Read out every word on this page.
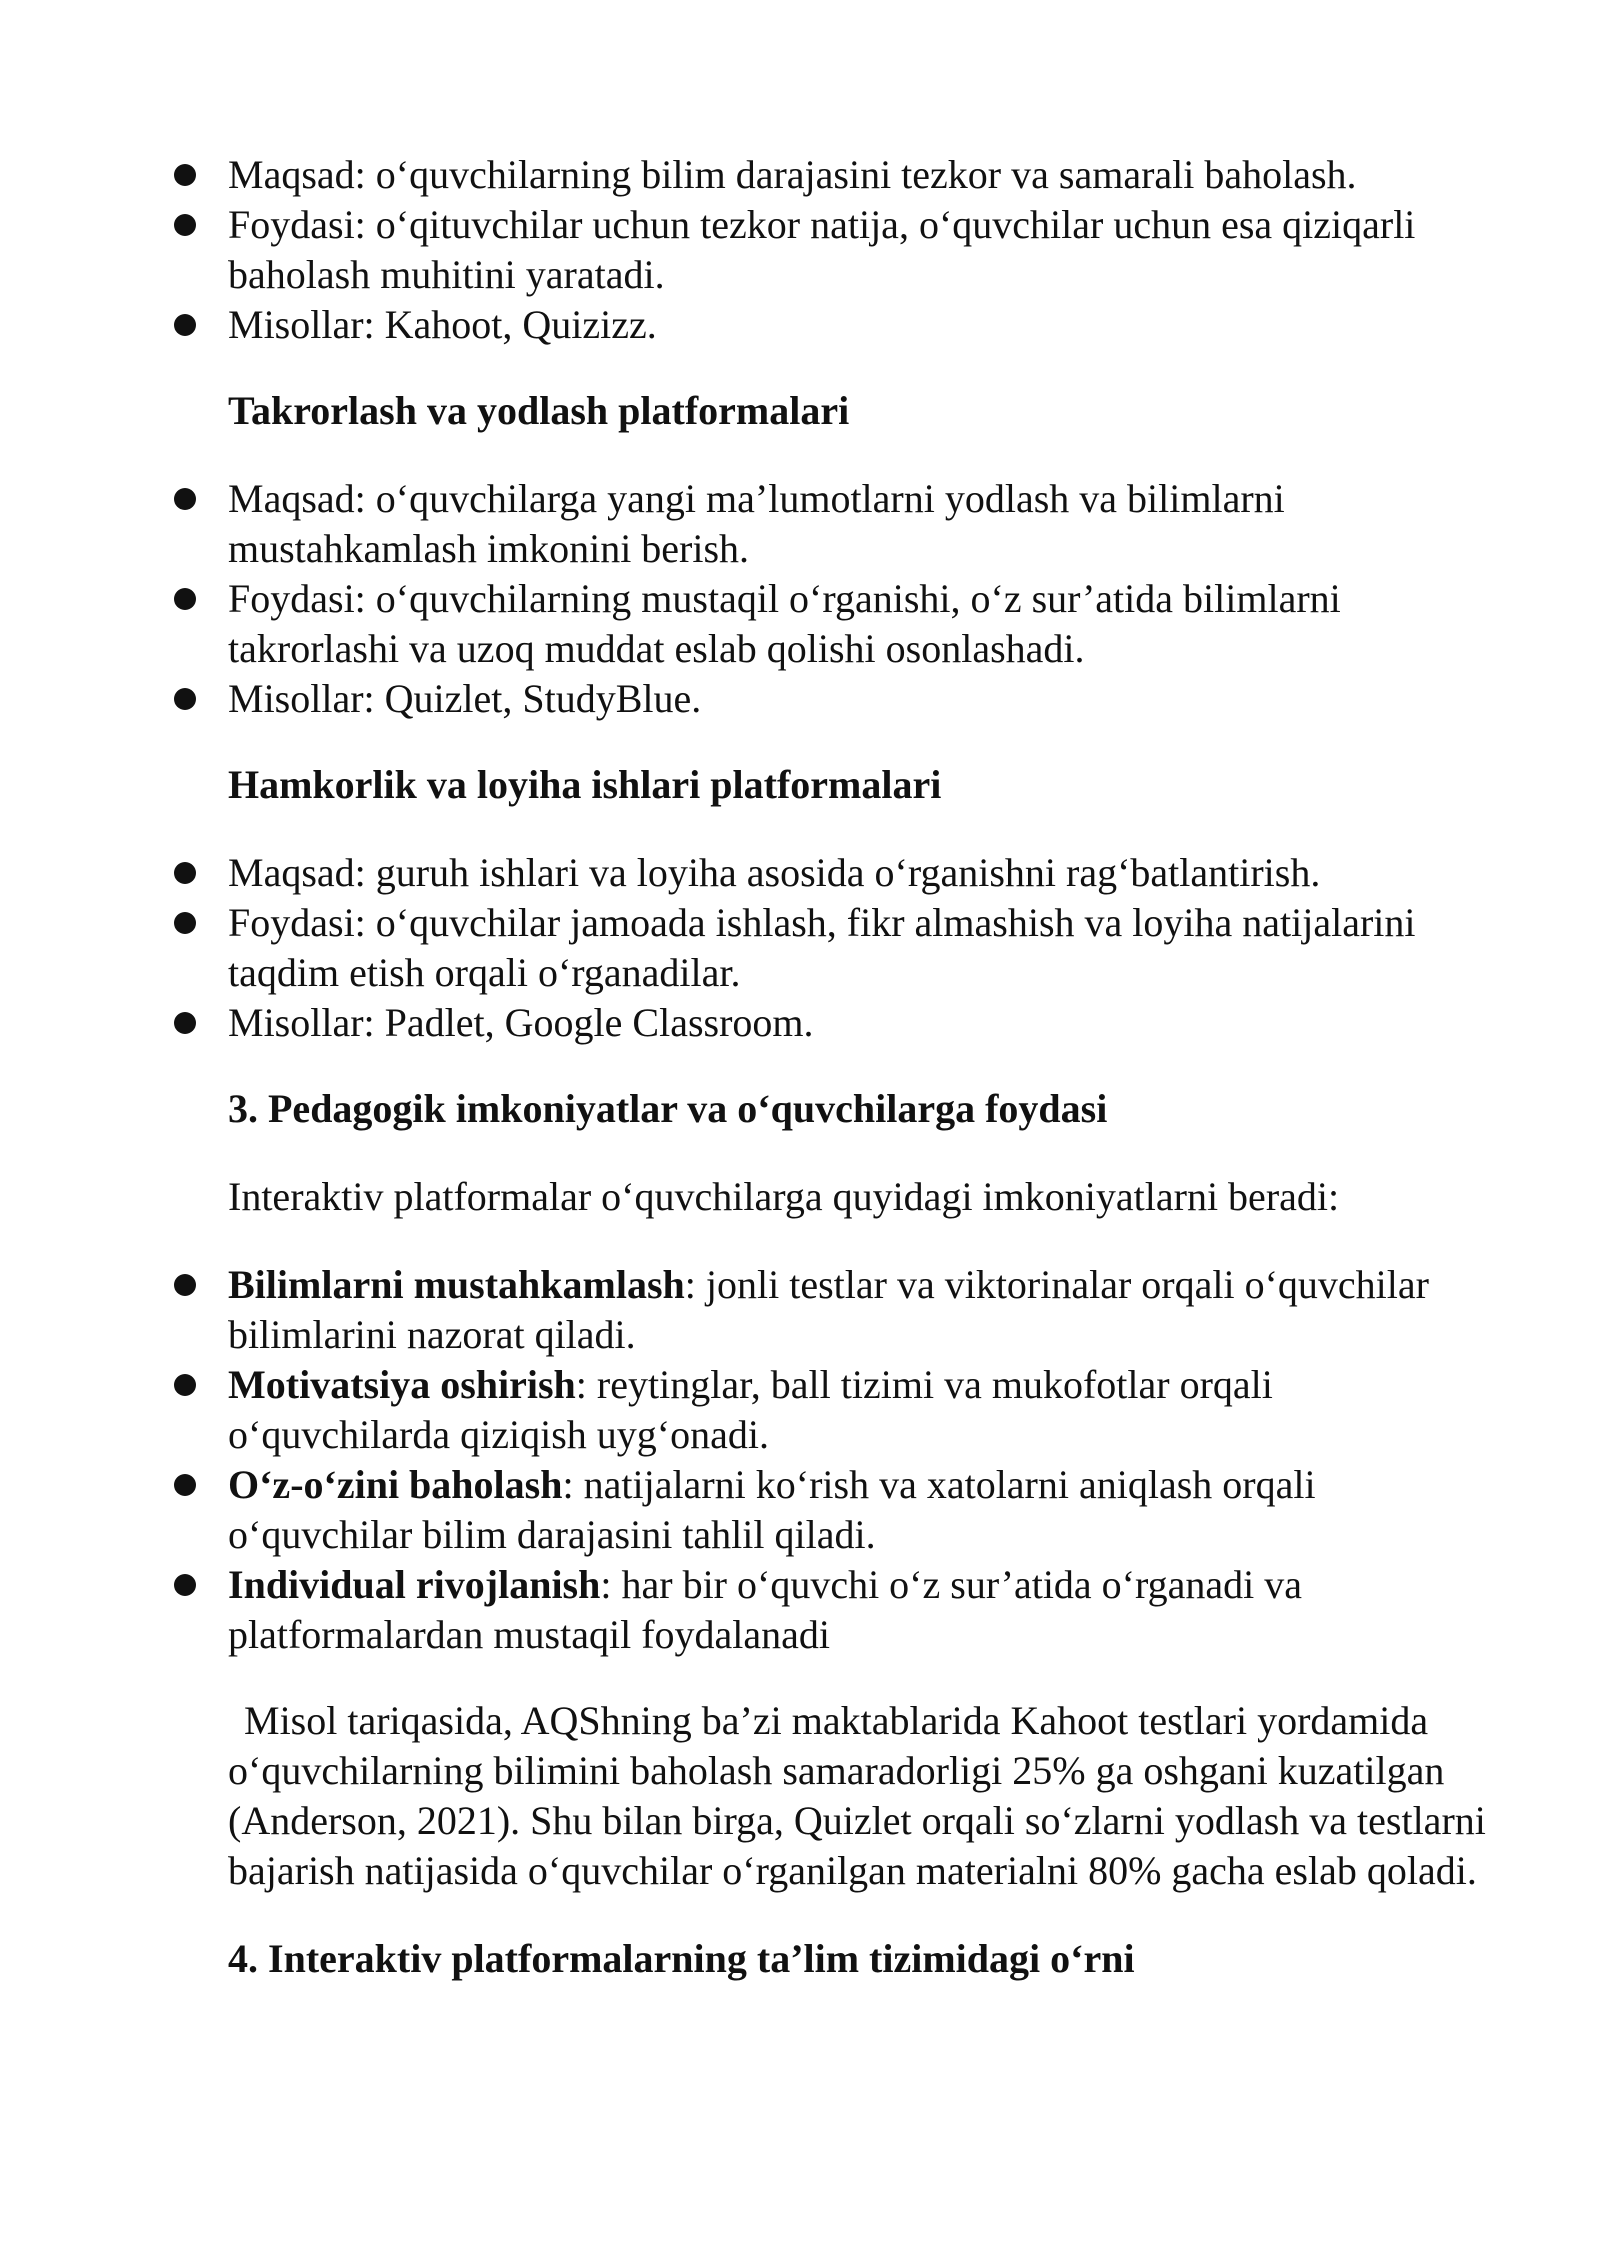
Maqsad: o‘quvchilarning bilim darajasini tezkor va samarali baholash.
Foydasi: o‘qituvchilar uchun tezkor natija, o‘quvchilar uchun esa qiziqarli baholash muhitini yaratadi.
Misollar: Kahoot, Quizizz.
Takrorlash va yodlash platformalari
Maqsad: o‘quvchilarga yangi ma’lumotlarni yodlash va bilimlarni mustahkamlash imkonini berish.
Foydasi: o‘quvchilarning mustaqil o‘rganishi, o‘z sur’atida bilimlarni takrorlashi va uzoq muddat eslab qolishi osonlashadi.
Misollar: Quizlet, StudyBlue.
Hamkorlik va loyiha ishlari platformalari
Maqsad: guruh ishlari va loyiha asosida o‘rganishni rag‘batlantirish.
Foydasi: o‘quvchilar jamoada ishlash, fikr almashish va loyiha natijalarini taqdim etish orqali o‘rganadilar.
Misollar: Padlet, Google Classroom.
3. Pedagogik imkoniyatlar va o‘quvchilarga foydasi
Interaktiv platformalar o‘quvchilarga quyidagi imkoniyatlarni beradi:
Bilimlarni mustahkamlash: jonli testlar va viktorinalar orqali o‘quvchilar bilimlarini nazorat qiladi.
Motivatsiya oshirish: reytinglar, ball tizimi va mukofotlar orqali o‘quvchilarda qiziqish uyg‘onadi.
O‘z-o‘zini baholash: natijalarni ko‘rish va xatolarni aniqlash orqali o‘quvchilar bilim darajasini tahlil qiladi.
Individual rivojlanish: har bir o‘quvchi o‘z sur’atida o‘rganadi va platformalardan mustaqil foydalanadi
Misol tariqasida, AQShning ba’zi maktablarida Kahoot testlari yordamida o‘quvchilarning bilimini baholash samaradorligi 25% ga oshgani kuzatilgan (Anderson, 2021). Shu bilan birga, Quizlet orqali so‘zlarni yodlash va testlarni bajarish natijasida o‘quvchilar o‘rganilgan materialni 80% gacha eslab qoladi.
4. Interaktiv platformalarning ta’lim tizimidagi o‘rni
